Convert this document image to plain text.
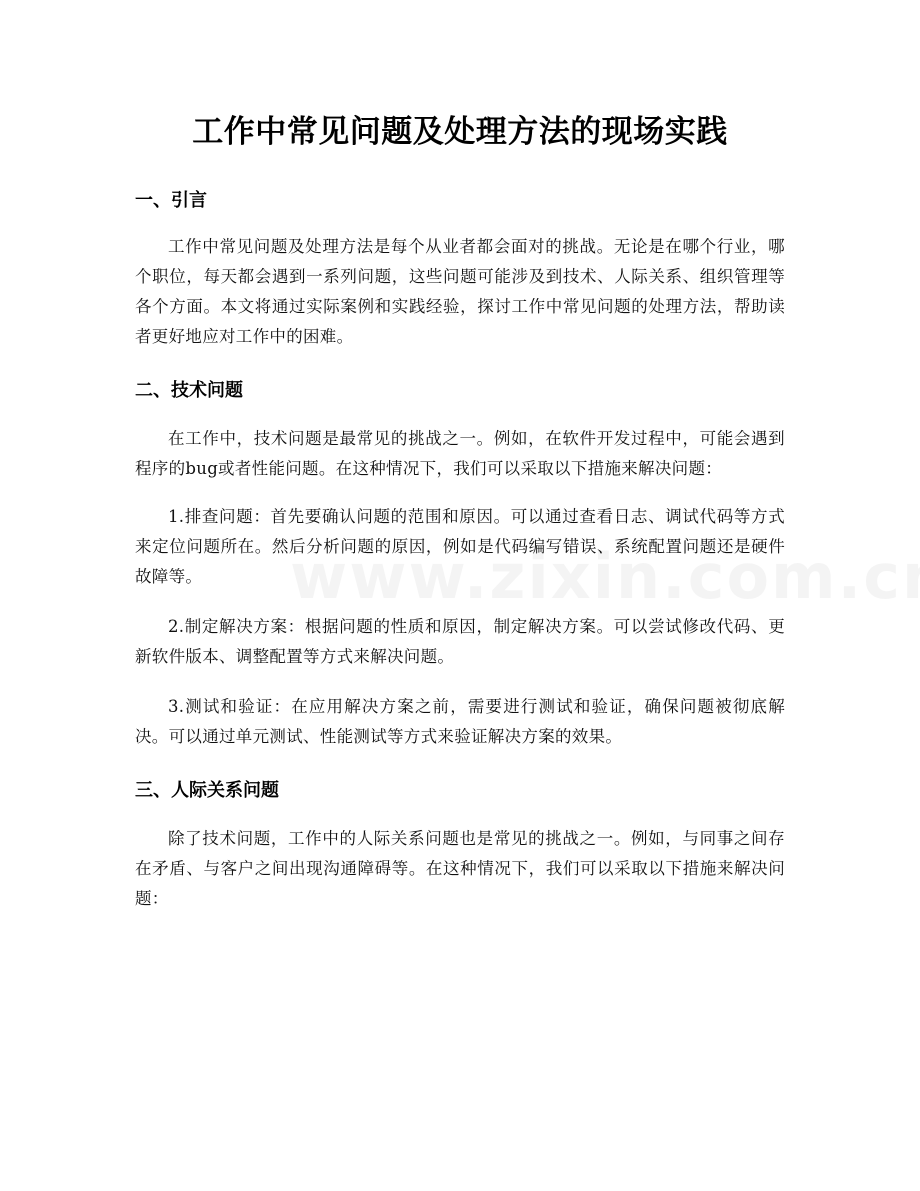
工作中常见问题及处理方法的现场实践
一、引言

工作中常见问题及处理方法是每个从业者都会面对的挑战。无论是在哪个行业，哪个职位，每天都会遇到一系列问题，这些问题可能涉及到技术、人际关系、组织管理等各个方面。本文将通过实际案例和实践经验，探讨工作中常见问题的处理方法，帮助读者更好地应对工作中的困难。

二、技术问题

在工作中，技术问题是最常见的挑战之一。例如，在软件开发过程中，可能会遇到程序的bug或者性能问题。在这种情况下，我们可以采取以下措施来解决问题：

1.排查问题：首先要确认问题的范围和原因。可以通过查看日志、调试代码等方式来定位问题所在。然后分析问题的原因，例如是代码编写错误、系统配置问题还是硬件故障等。

2.制定解决方案：根据问题的性质和原因，制定解决方案。可以尝试修改代码、更新软件版本、调整配置等方式来解决问题。

3.测试和验证：在应用解决方案之前，需要进行测试和验证，确保问题被彻底解决。可以通过单元测试、性能测试等方式来验证解决方案的效果。

三、人际关系问题

除了技术问题，工作中的人际关系问题也是常见的挑战之一。例如，与同事之间存在矛盾、与客户之间出现沟通障碍等。在这种情况下，我们可以采取以下措施来解决问题：
